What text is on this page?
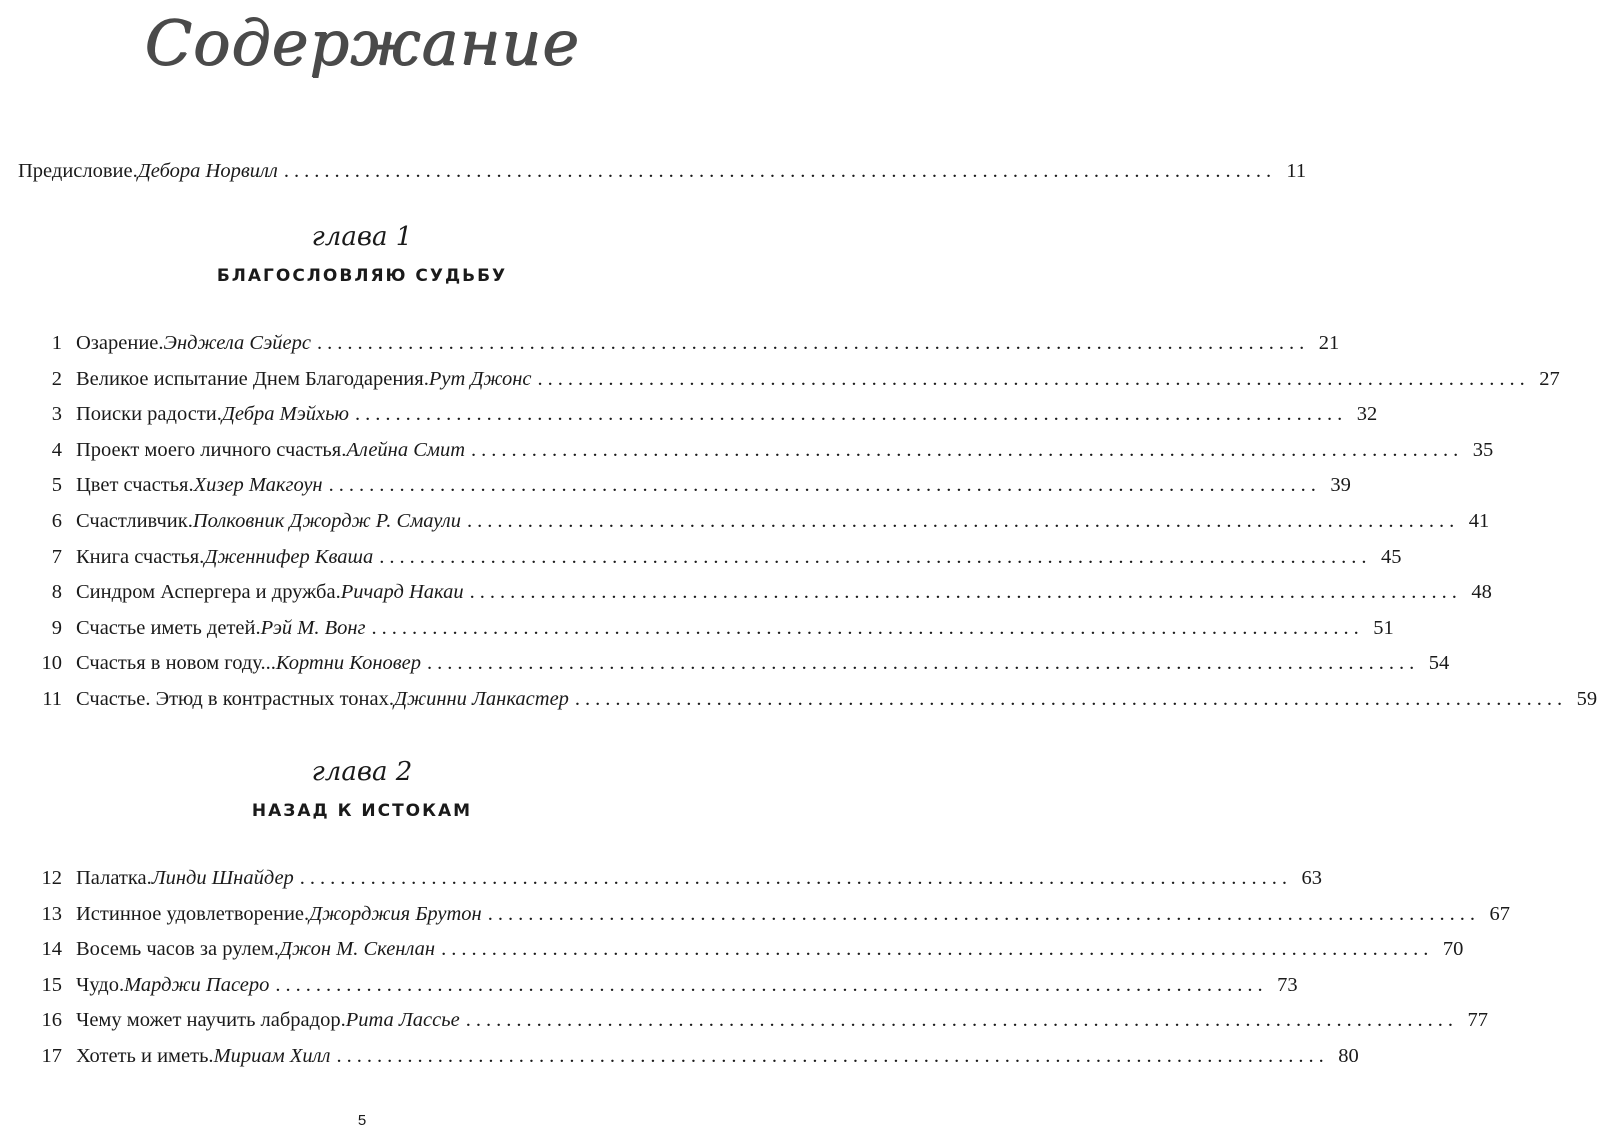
Содержание
Предисловие. Дебора Норвилл .................................................................................................. 11
глава 1
БЛАГОСЛОВЛЯЮ СУДЬБУ
1 Озарение. Энджела Сэйерс .................................................................................................. 21
2 Великое испытание Днем Благодарения. Рут Джонс .................................................................................................. 27
3 Поиски радости. Дебра Мэйхью .................................................................................................. 32
4 Проект моего личного счастья. Алейна Смит .................................................................................................. 35
5 Цвет счастья. Хизер Макгоун .................................................................................................. 39
6 Счастливчик. Полковник Джордж Р. Смаули .................................................................................................. 41
7 Книга счастья. Дженнифер Кваша .................................................................................................. 45
8 Синдром Аспергера и дружба. Ричард Накаи .................................................................................................. 48
9 Счастье иметь детей. Рэй М. Вонг .................................................................................................. 51
10 Счастья в новом году... Кортни Коновер .................................................................................................. 54
11 Счастье. Этюд в контрастных тонах. Джинни Ланкастер .................................................................................................. 59
глава 2
НАЗАД К ИСТОКАМ
12 Палатка. Линди Шнайдер .................................................................................................. 63
13 Истинное удовлетворение. Джорджия Брутон .................................................................................................. 67
14 Восемь часов за рулем. Джон М. Скенлан .................................................................................................. 70
15 Чудо. Марджи Пасеро .................................................................................................. 73
16 Чему может научить лабрадор. Рита Лассье .................................................................................................. 77
17 Хотеть и иметь. Мириам Хилл .................................................................................................. 80
5
